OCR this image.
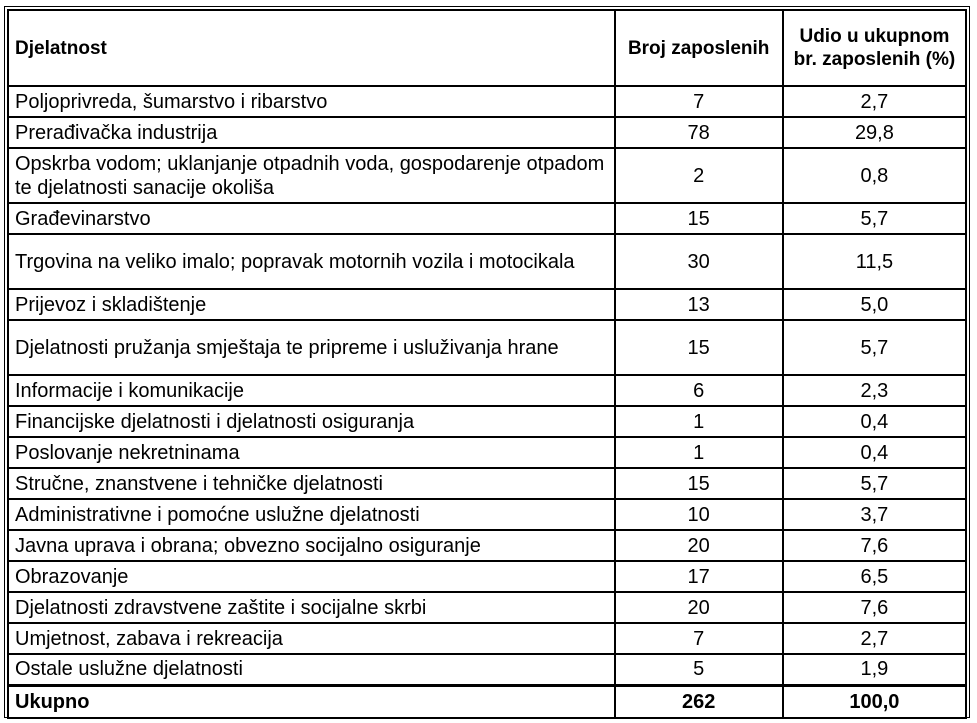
Djelatnost	Broj zaposlenih	Udio u ukupnom br. zaposlenih (%)
Poljoprivreda, šumarstvo i ribarstvo	7	2,7
Prerađivačka industrija	78	29,8
Opskrba vodom; uklanjanje otpadnih voda, gospodarenje otpadom te djelatnosti sanacije okoliša	2	0,8
Građevinarstvo	15	5,7
Trgovina na veliko imalo; popravak motornih vozila i motocikala	30	11,5
Prijevoz i skladištenje	13	5,0
Djelatnosti pružanja smještaja te pripreme i usluživanja hrane	15	5,7
Informacije i komunikacije	6	2,3
Financijske djelatnosti i djelatnosti osiguranja	1	0,4
Poslovanje nekretninama	1	0,4
Stručne, znanstvene i tehničke djelatnosti	15	5,7
Administrativne i pomoćne uslužne djelatnosti	10	3,7
Javna uprava i obrana; obvezno socijalno osiguranje	20	7,6
Obrazovanje	17	6,5
Djelatnosti zdravstvene zaštite i socijalne skrbi	20	7,6
Umjetnost, zabava i rekreacija	7	2,7
Ostale uslužne djelatnosti	5	1,9
Ukupno	262	100,0
